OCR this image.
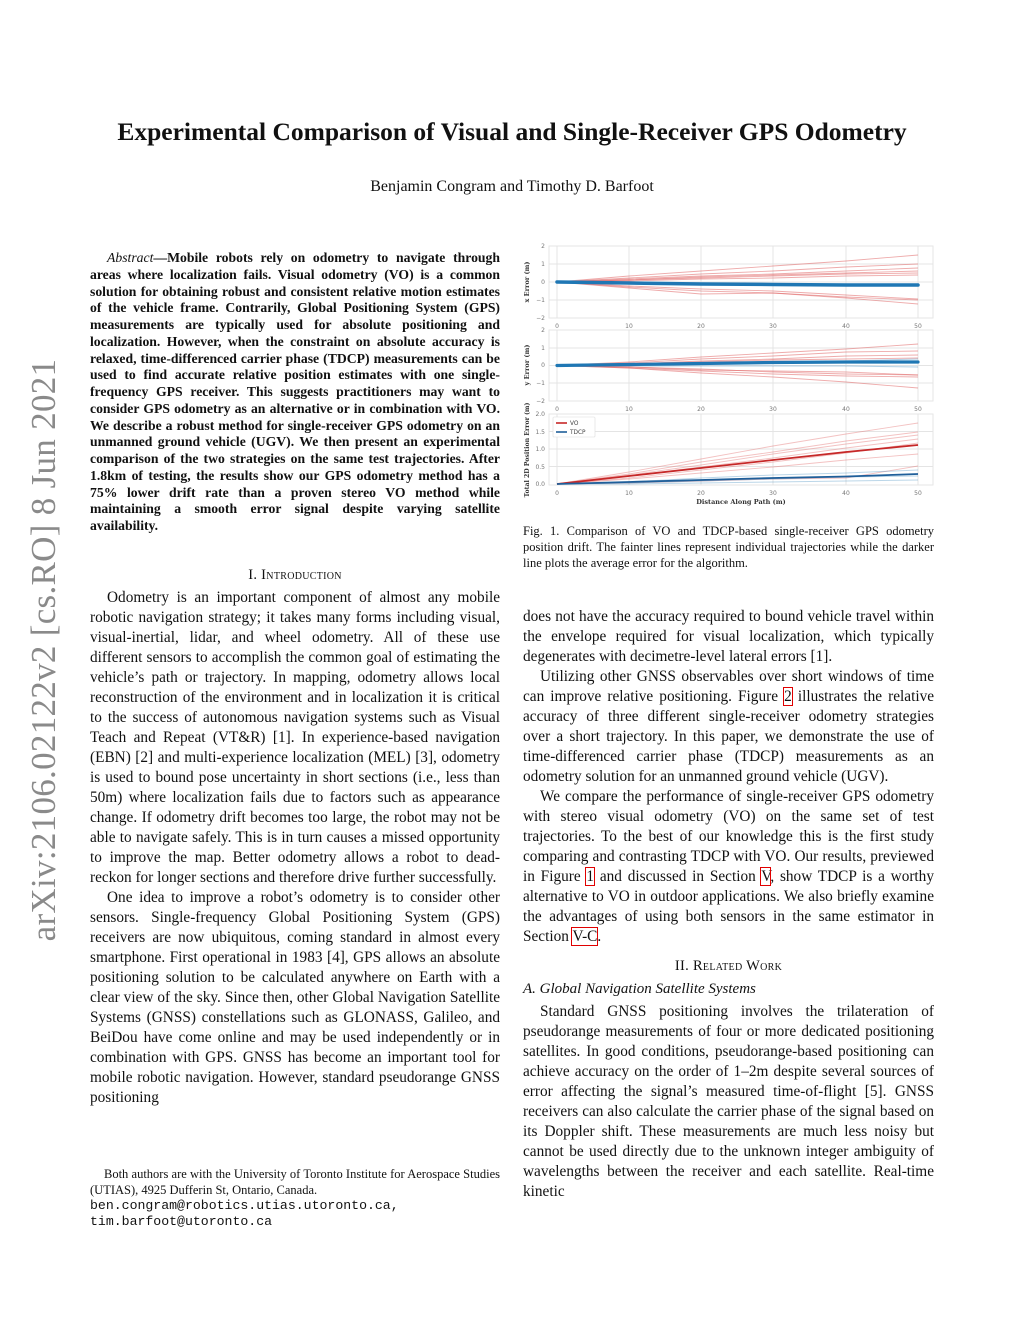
arXiv:2106.02122v2 [cs.RO] 8 Jun 2021
Experimental Comparison of Visual and Single-Receiver GPS Odometry
Benjamin Congram and Timothy D. Barfoot
Abstract—Mobile robots rely on odometry to navigate through areas where localization fails. Visual odometry (VO) is a common solution for obtaining robust and consistent relative motion estimates of the vehicle frame. Contrarily, Global Positioning System (GPS) measurements are typically used for absolute positioning and localization. However, when the constraint on absolute accuracy is relaxed, time-differenced carrier phase (TDCP) measurements can be used to find accurate relative position estimates with one single-frequency GPS receiver. This suggests practitioners may want to consider GPS odometry as an alternative or in combination with VO. We describe a robust method for single-receiver GPS odometry on an unmanned ground vehicle (UGV). We then present an experimental comparison of the two strategies on the same test trajectories. After 1.8km of testing, the results show our GPS odometry method has a 75% lower drift rate than a proven stereo VO method while maintaining a smooth error signal despite varying satellite availability.

I. Introduction

Odometry is an important component of almost any mobile robotic navigation strategy; it takes many forms including visual, visual-inertial, lidar, and wheel odometry. All of these use different sensors to accomplish the common goal of estimating the vehicle’s path or trajectory. In mapping, odometry allows local reconstruction of the environment and in localization it is critical to the success of autonomous navigation systems such as Visual Teach and Repeat (VT&R) [1]. In experience-based navigation (EBN) [2] and multi-experience localization (MEL) [3], odometry is used to bound pose uncertainty in short sections (i.e., less than 50m) where localization fails due to factors such as appearance change. If odometry drift becomes too large, the robot may not be able to navigate safely. This is in turn causes a missed opportunity to improve the map. Better odometry allows a robot to dead-reckon for longer sections and therefore drive further successfully.

One idea to improve a robot’s odometry is to consider other sensors. Single-frequency Global Positioning System (GPS) receivers are now ubiquitous, coming standard in almost every smartphone. First operational in 1983 [4], GPS allows an absolute positioning solution to be calculated anywhere on Earth with a clear view of the sky. Since then, other Global Navigation Satellite Systems (GNSS) constellations such as GLONASS, Galileo, and BeiDou have come online and may be used independently or in combination with GPS. GNSS has become an important tool for mobile robotic navigation. However, standard pseudorange GNSS positioning

Both authors are with the University of Toronto Institute for Aerospace Studies (UTIAS), 4925 Dufferin St, Ontario, Canada.
ben.congram@robotics.utias.utoronto.ca,
tim.barfoot@utoronto.ca
2
1
0
−1
−2
0	10	20	30	40	50
x Error (m)
2
1
0
−1
−2
0	10	20	30	40	50
y Error (m)
2.0
1.5
1.0
0.5
0.0
0	10	20	30	40	50
Total 2D Position Error (m)
Distance Along Path (m)
VO
TDCP
Fig. 1. Comparison of VO and TDCP-based single-receiver GPS odometry position drift. The fainter lines represent individual trajectories while the darker line plots the average error for the algorithm.

does not have the accuracy required to bound vehicle travel within the envelope required for visual localization, which typically degenerates with decimetre-level lateral errors [1].

Utilizing other GNSS observables over short windows of time can improve relative positioning. Figure 2 illustrates the relative accuracy of three different single-receiver odometry strategies over a short trajectory. In this paper, we demonstrate the use of time-differenced carrier phase (TDCP) measurements as an odometry solution for an unmanned ground vehicle (UGV).

We compare the performance of single-receiver GPS odometry with stereo visual odometry (VO) on the same set of test trajectories. To the best of our knowledge this is the first study comparing and contrasting TDCP with VO. Our results, previewed in Figure 1 and discussed in Section V, show TDCP is a worthy alternative to VO in outdoor applications. We also briefly examine the advantages of using both sensors in the same estimator in Section V-C.

II. Related Work

A. Global Navigation Satellite Systems

Standard GNSS positioning involves the trilateration of pseudorange measurements of four or more dedicated positioning satellites. In good conditions, pseudorange-based positioning can achieve accuracy on the order of 1–2m despite several sources of error affecting the signal’s measured time-of-flight [5]. GNSS receivers can also calculate the carrier phase of the signal based on its Doppler shift. These measurements are much less noisy but cannot be used directly due to the unknown integer ambiguity of wavelengths between the receiver and each satellite. Real-time kinetic
